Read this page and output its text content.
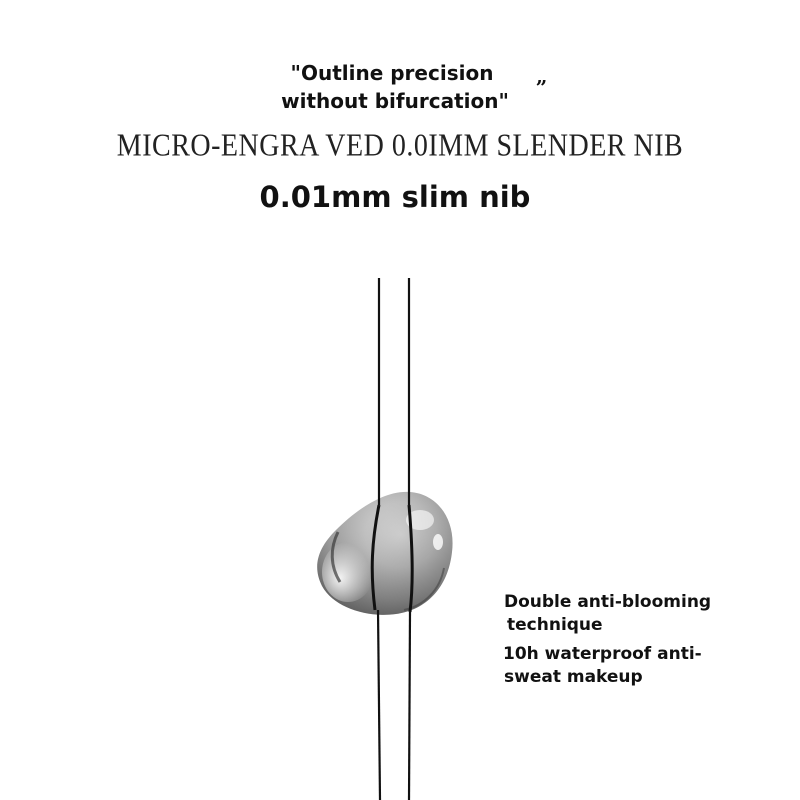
"Outline precision
without bifurcation"
„
MICRO-ENGRA VED 0.0IMM SLENDER NIB
0.01mm slim nib
Double anti-blooming
technique
10h waterproof anti-
sweat makeup
